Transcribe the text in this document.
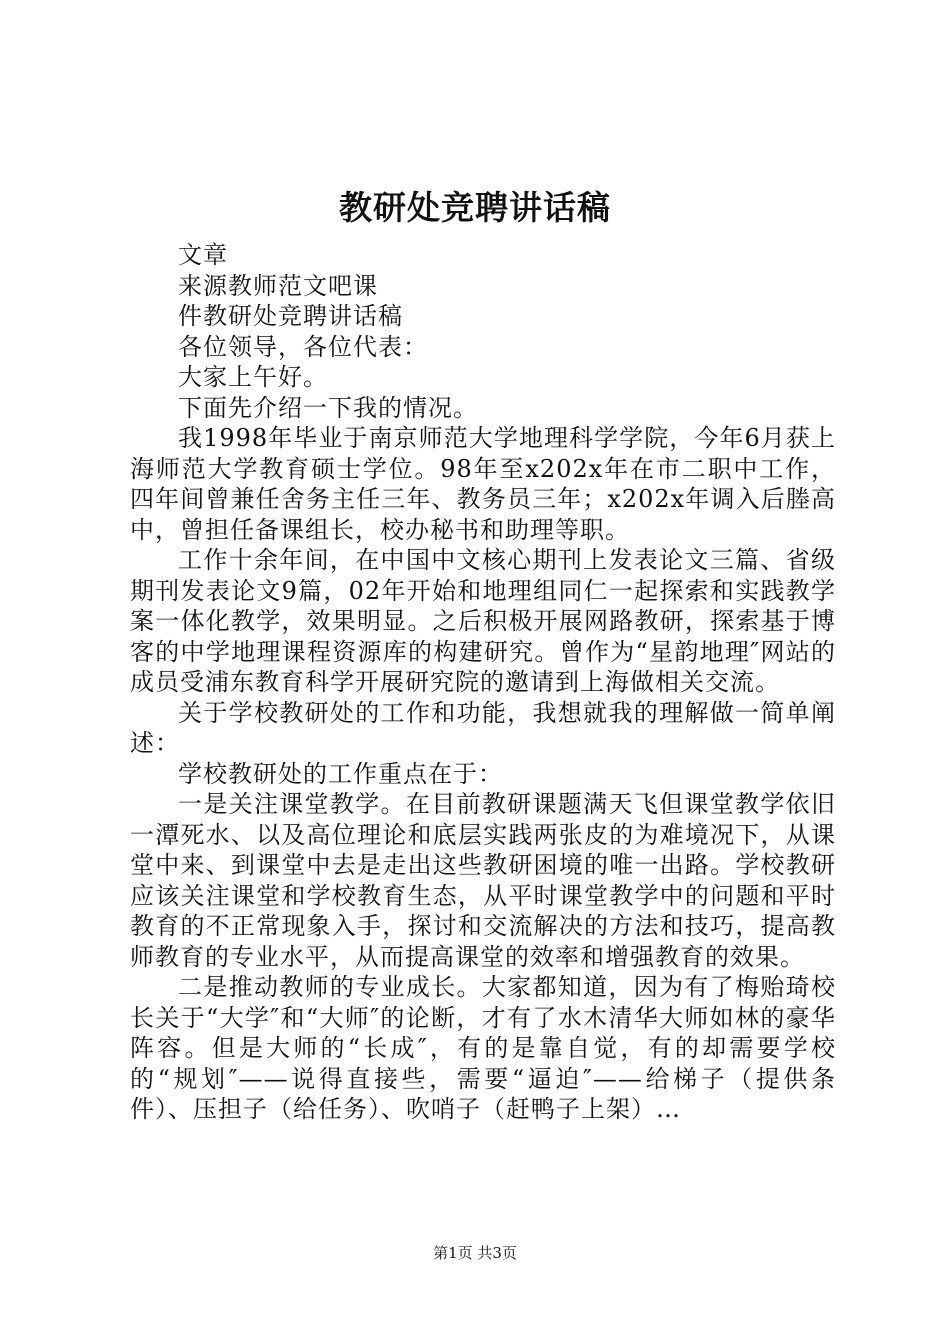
教研处竞聘讲话稿

文章

来源教师范文吧课

件教研处竞聘讲话稿

各位领导，各位代表：

大家上午好。

下面先介绍一下我的情况。

我1998年毕业于南京师范大学地理科学学院，今年6月获上海师范大学教育硕士学位。98年至x202x年在市二职中工作，四年间曾兼任舍务主任三年、教务员三年；x202x年调入后塍高中，曾担任备课组长，校办秘书和助理等职。

工作十余年间，在中国中文核心期刊上发表论文三篇、省级期刊发表论文9篇，02年开始和地理组同仁一起探索和实践教学案一体化教学，效果明显。之后积极开展网路教研，探索基于博客的中学地理课程资源库的构建研究。曾作为“星韵地理″网站的成员受浦东教育科学开展研究院的邀请到上海做相关交流。

关于学校教研处的工作和功能，我想就我的理解做一简单阐述：

学校教研处的工作重点在于：

一是关注课堂教学。在目前教研课题满天飞但课堂教学依旧一潭死水、以及高位理论和底层实践两张皮的为难境况下，从课堂中来、到课堂中去是走出这些教研困境的唯一出路。学校教研应该关注课堂和学校教育生态，从平时课堂教学中的问题和平时教育的不正常现象入手，探讨和交流解决的方法和技巧，提高教师教育的专业水平，从而提高课堂的效率和增强教育的效果。

二是推动教师的专业成长。大家都知道，因为有了梅贻琦校长关于“大学″和“大师″的论断，才有了水木清华大师如林的豪华阵容。但是大师的“长成″，有的是靠自觉，有的却需要学校的“规划″——说得直接些，需要“逼迫″——给梯子（提供条件）、压担子（给任务）、吹哨子（赶鸭子上架）…

第1页 共3页
